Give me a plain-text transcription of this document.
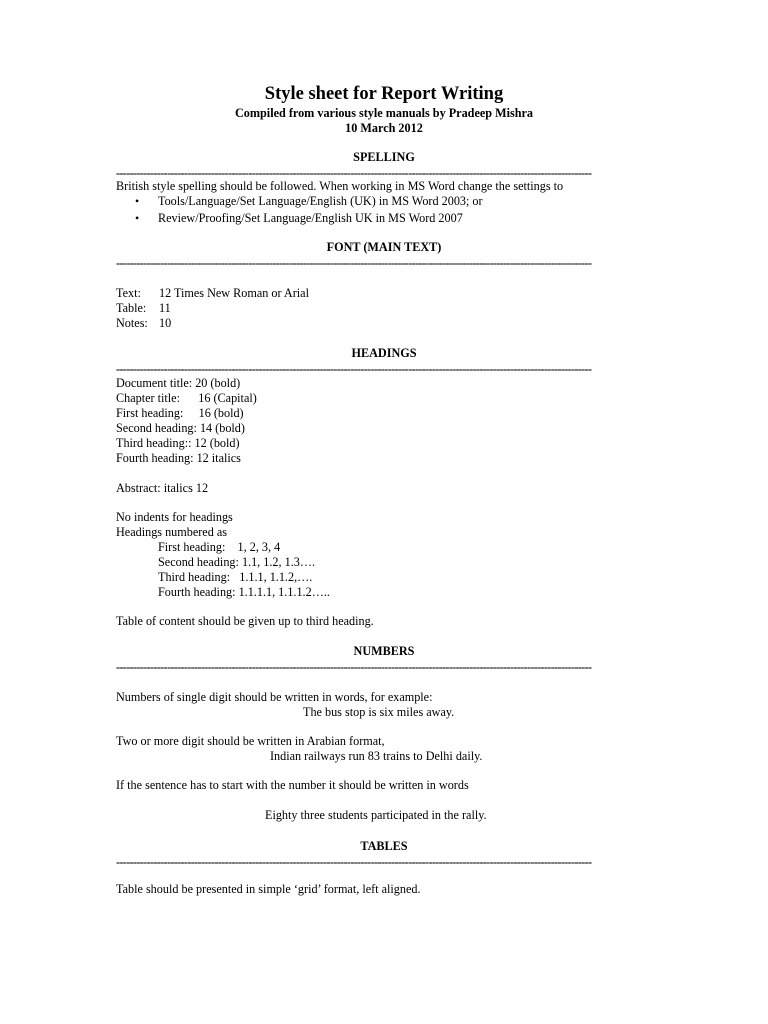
Style sheet for Report Writing
Compiled from various style manuals by Pradeep Mishra
10 March 2012
SPELLING
--------------------------------------------------------------------------------------------------------------------------------------------
British style spelling should be followed. When working in MS Word change the settings to
• Tools/Language/Set Language/English (UK) in MS Word 2003; or
• Review/Proofing/Set Language/English UK in MS Word 2007
FONT (MAIN TEXT)
--------------------------------------------------------------------------------------------------------------------------------------------
Text: 12 Times New Roman or Arial
Table: 11
Notes: 10
HEADINGS
--------------------------------------------------------------------------------------------------------------------------------------------
Document title: 20 (bold)
Chapter title:      16 (Capital)
First heading:     16 (bold)
Second heading: 14 (bold)
Third heading:: 12 (bold)
Fourth heading: 12 italics
Abstract: italics 12
No indents for headings
Headings numbered as
First heading:    1, 2, 3, 4
Second heading: 1.1, 1.2, 1.3….
Third heading:   1.1.1, 1.1.2,….
Fourth heading: 1.1.1.1, 1.1.1.2…..
Table of content should be given up to third heading.
NUMBERS
--------------------------------------------------------------------------------------------------------------------------------------------
Numbers of single digit should be written in words, for example:
The bus stop is six miles away.
Two or more digit should be written in Arabian format,
Indian railways run 83 trains to Delhi daily.
If the sentence has to start with the number it should be written in words
Eighty three students participated in the rally.
TABLES
--------------------------------------------------------------------------------------------------------------------------------------------
Table should be presented in simple ‘grid’ format, left aligned.
